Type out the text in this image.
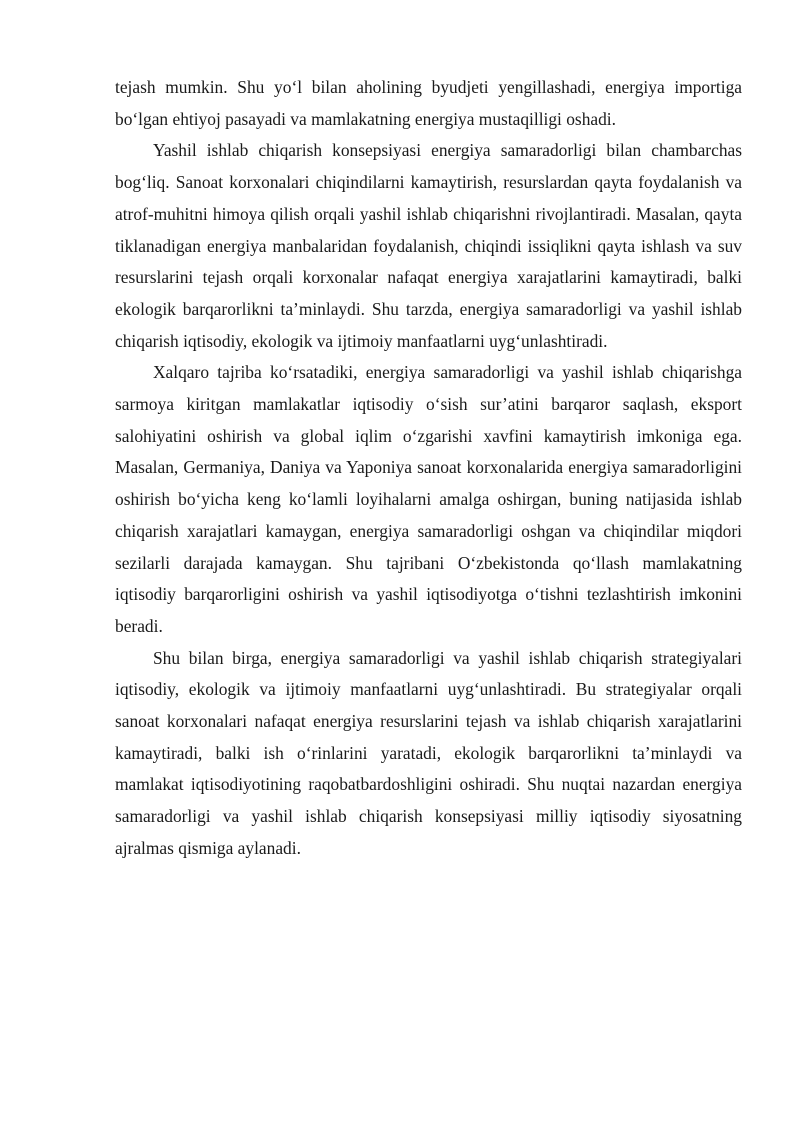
tejash mumkin. Shu yo‘l bilan aholining byudjeti yengillashadi, energiya importiga bo‘lgan ehtiyoj pasayadi va mamlakatning energiya mustaqilligi oshadi.

Yashil ishlab chiqarish konsepsiyasi energiya samaradorligi bilan chambarchas bog‘liq. Sanoat korxonalari chiqindilarni kamaytirish, resurslardan qayta foydalanish va atrof-muhitni himoya qilish orqali yashil ishlab chiqarishni rivojlantiradi. Masalan, qayta tiklanadigan energiya manbalaridan foydalanish, chiqindi issiqlikni qayta ishlash va suv resurslarini tejash orqali korxonalar nafaqat energiya xarajatlarini kamaytiradi, balki ekologik barqarorlikni ta’minlaydi. Shu tarzda, energiya samaradorligi va yashil ishlab chiqarish iqtisodiy, ekologik va ijtimoiy manfaatlarni uyg‘unlashtiradi.

Xalqaro tajriba ko‘rsatadiki, energiya samaradorligi va yashil ishlab chiqarishga sarmoya kiritgan mamlakatlar iqtisodiy o‘sish sur’atini barqaror saqlash, eksport salohiyatini oshirish va global iqlim o‘zgarishi xavfini kamaytirish imkoniga ega. Masalan, Germaniya, Daniya va Yaponiya sanoat korxonalarida energiya samaradorligini oshirish bo‘yicha keng ko‘lamli loyihalarni amalga oshirgan, buning natijasida ishlab chiqarish xarajatlari kamaygan, energiya samaradorligi oshgan va chiqindilar miqdori sezilarli darajada kamaygan. Shu tajribani O‘zbekistonda qo‘llash mamlakatning iqtisodiy barqarorligini oshirish va yashil iqtisodiyotga o‘tishni tezlashtirish imkonini beradi.

Shu bilan birga, energiya samaradorligi va yashil ishlab chiqarish strategiyalari iqtisodiy, ekologik va ijtimoiy manfaatlarni uyg‘unlashtiradi. Bu strategiyalar orqali sanoat korxonalari nafaqat energiya resurslarini tejash va ishlab chiqarish xarajatlarini kamaytiradi, balki ish o‘rinlarini yaratadi, ekologik barqarorlikni ta’minlaydi va mamlakat iqtisodiyotining raqobatbardoshligini oshiradi. Shu nuqtai nazardan energiya samaradorligi va yashil ishlab chiqarish konsepsiyasi milliy iqtisodiy siyosatning ajralmas qismiga aylanadi.
